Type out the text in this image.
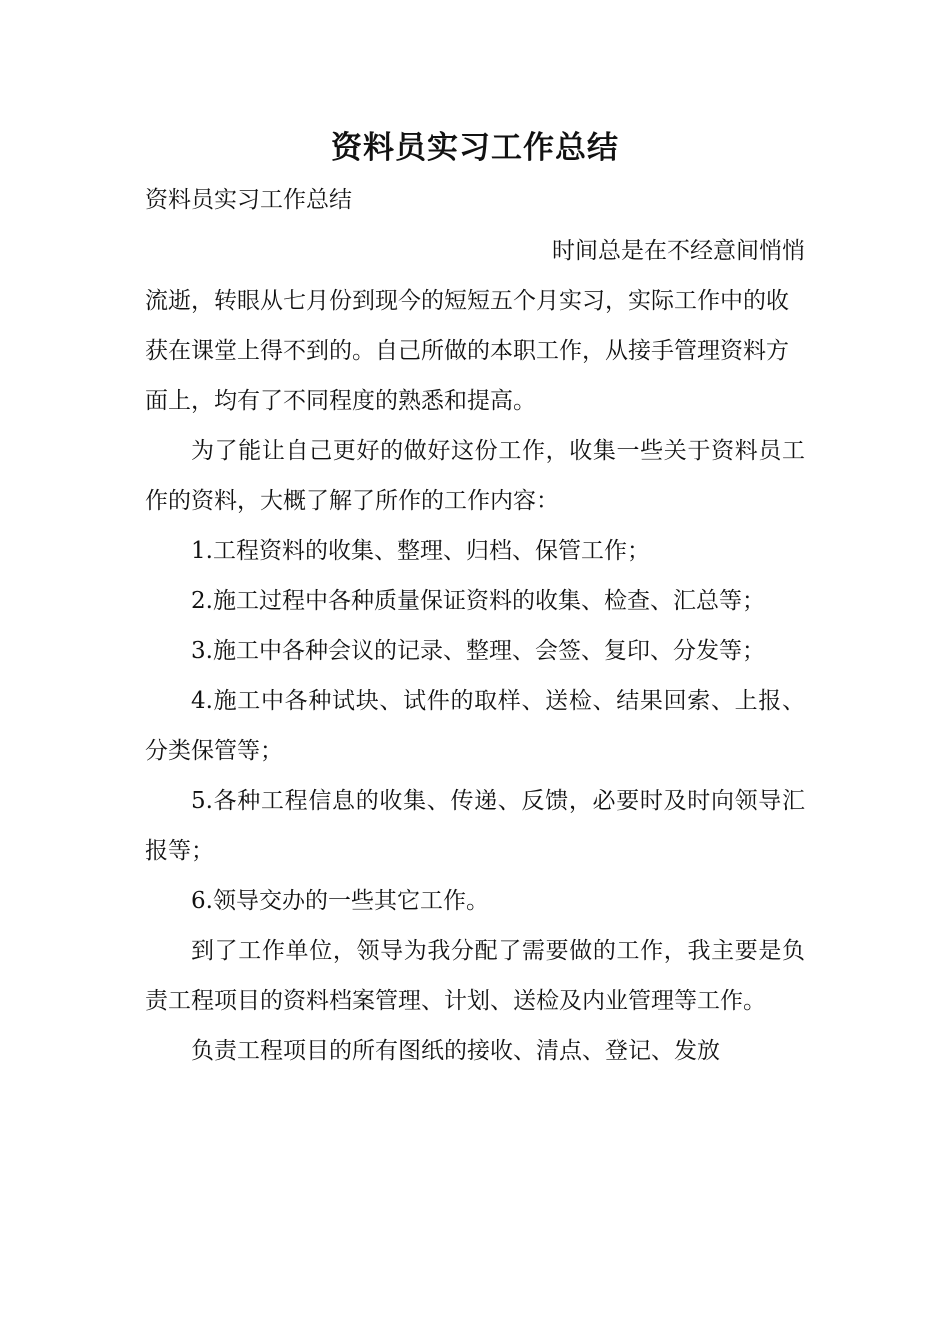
资料员实习工作总结
资料员实习工作总结

时间总是在不经意间悄悄
流逝，转眼从七月份到现今的短短五个月实习，实际工作中的收获在课堂上得不到的。自己所做的本职工作，从接手管理资料方面上，均有了不同程度的熟悉和提高。

为了能让自己更好的做好这份工作，收集一些关于资料员工作的资料，大概了解了所作的工作内容：

1.工程资料的收集、整理、归档、保管工作；

2.施工过程中各种质量保证资料的收集、检查、汇总等；

3.施工中各种会议的记录、整理、会签、复印、分发等；

4.施工中各种试块、试件的取样、送检、结果回索、上报、分类保管等；

5.各种工程信息的收集、传递、反馈，必要时及时向领导汇报等；

6.领导交办的一些其它工作。

到了工作单位，领导为我分配了需要做的工作，我主要是负责工程项目的资料档案管理、计划、送检及内业管理等工作。

负责工程项目的所有图纸的接收、清点、登记、发放
